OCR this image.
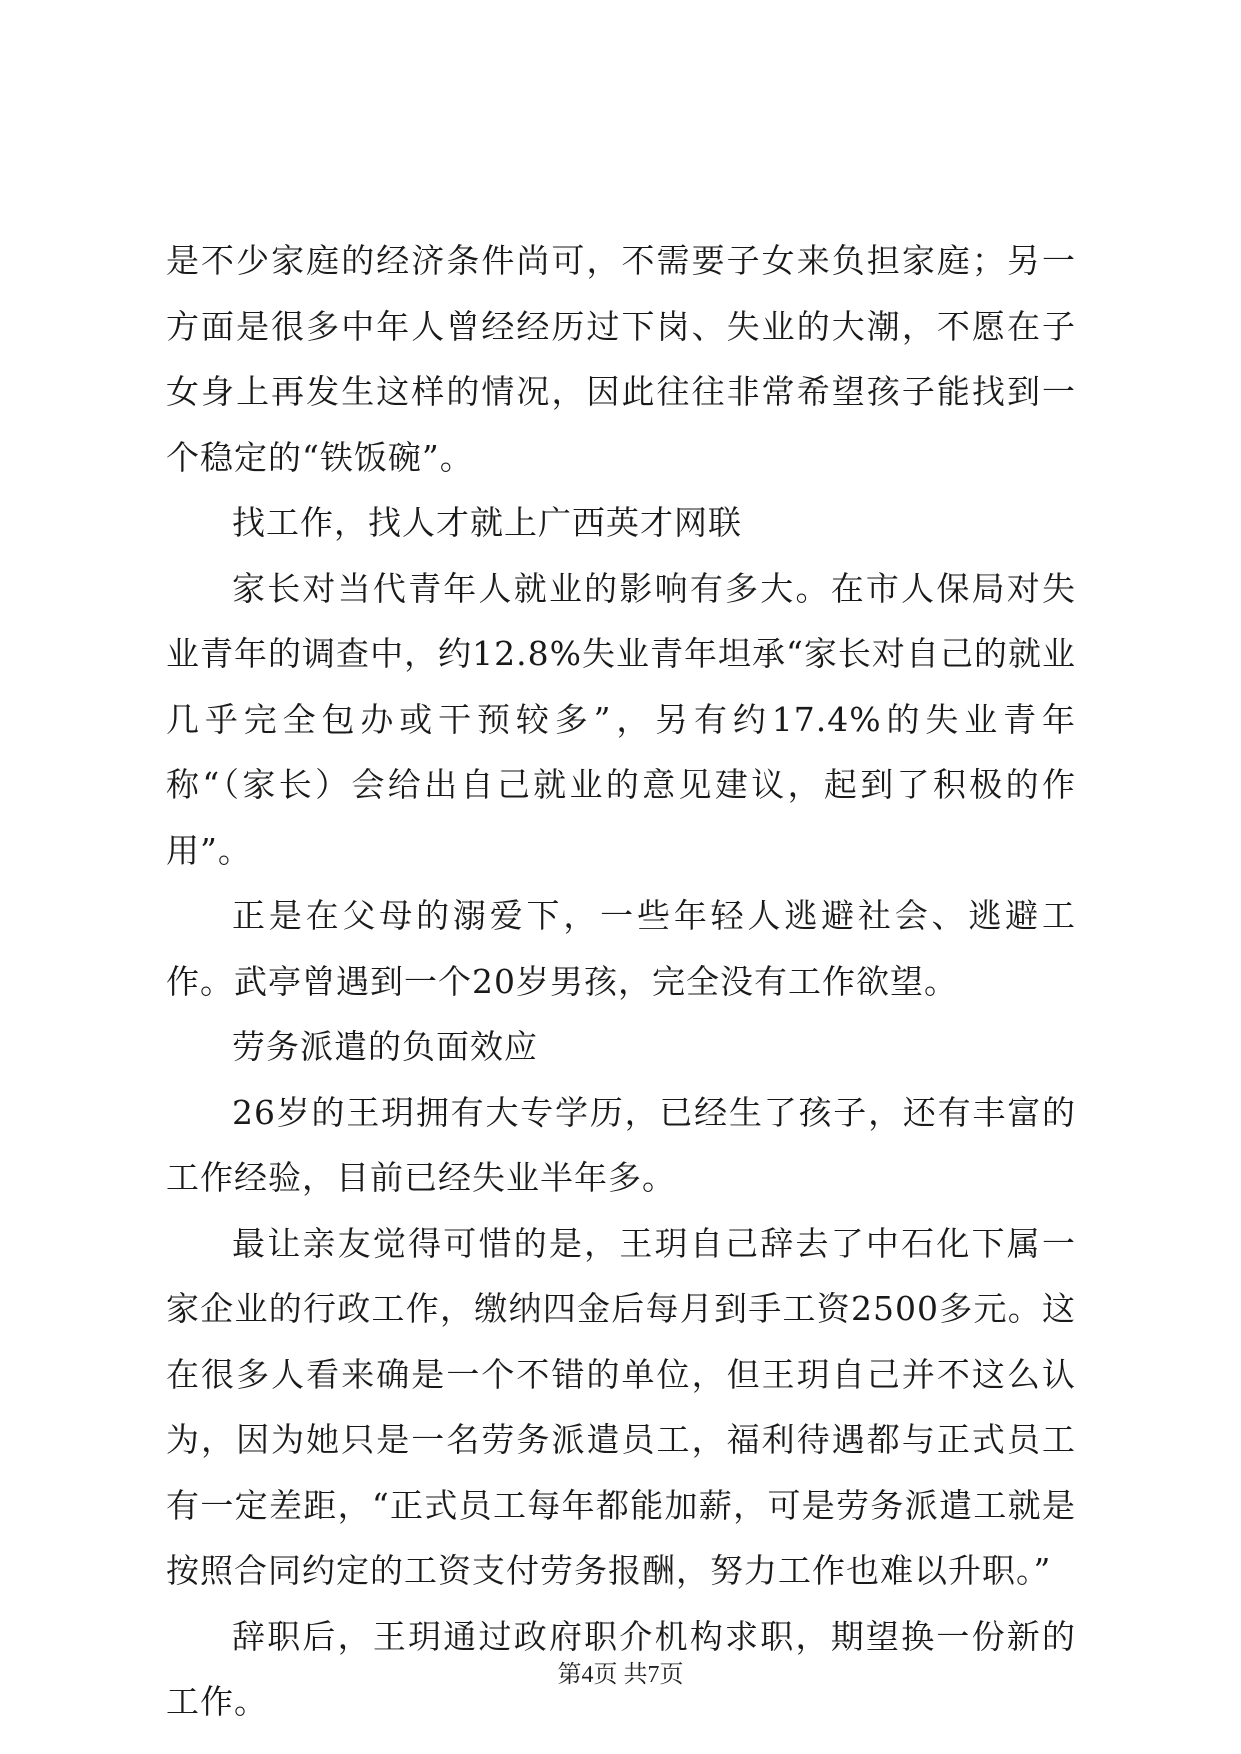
是不少家庭的经济条件尚可，不需要子女来负担家庭；另一方面是很多中年人曾经经历过下岗、失业的大潮，不愿在子女身上再发生这样的情况，因此往往非常希望孩子能找到一个稳定的“铁饭碗”。

找工作，找人才就上广西英才网联

家长对当代青年人就业的影响有多大。在市人保局对失业青年的调查中，约12.8%失业青年坦承“家长对自己的就业几乎完全包办或干预较多”，另有约17.4%的失业青年称“（家长）会给出自己就业的意见建议，起到了积极的作用”。

正是在父母的溺爱下，一些年轻人逃避社会、逃避工作。武亭曾遇到一个20岁男孩，完全没有工作欲望。

劳务派遣的负面效应

26岁的王玥拥有大专学历，已经生了孩子，还有丰富的工作经验，目前已经失业半年多。

最让亲友觉得可惜的是，王玥自己辞去了中石化下属一家企业的行政工作，缴纳四金后每月到手工资2500多元。这在很多人看来确是一个不错的单位，但王玥自己并不这么认为，因为她只是一名劳务派遣员工，福利待遇都与正式员工有一定差距，“正式员工每年都能加薪，可是劳务派遣工就是按照合同约定的工资支付劳务报酬，努力工作也难以升职。”

辞职后，王玥通过政府职介机构求职，期望换一份新的工作。

第4页 共7页
